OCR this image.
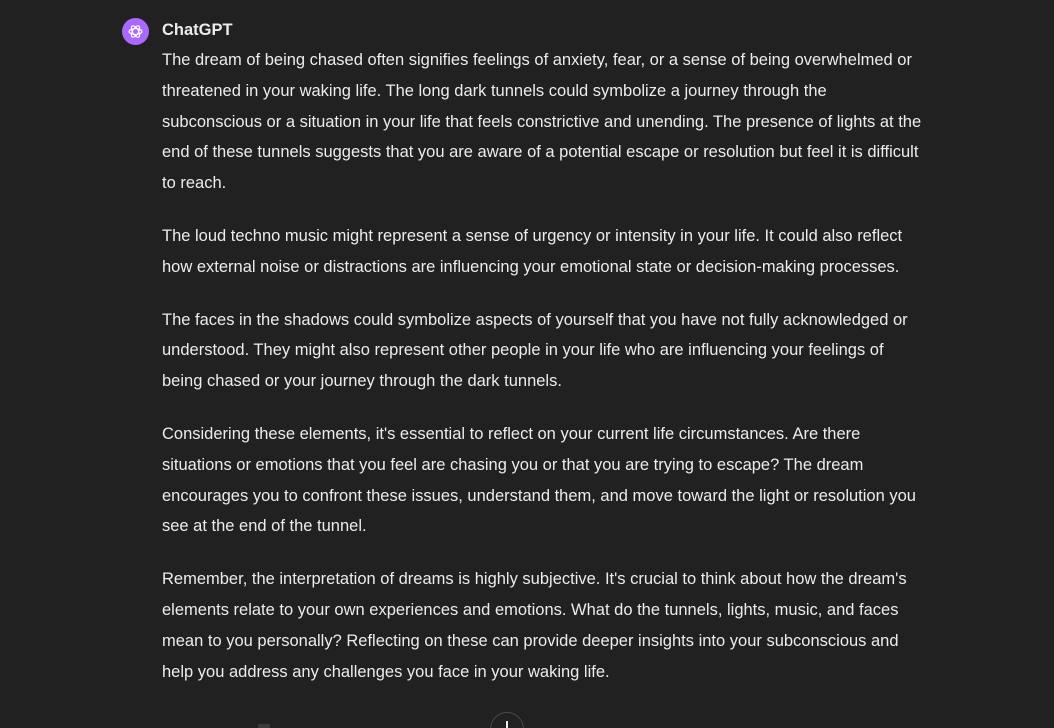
ChatGPT

The dream of being chased often signifies feelings of anxiety, fear, or a sense of being overwhelmed or threatened in your waking life. The long dark tunnels could symbolize a journey through the subconscious or a situation in your life that feels constrictive and unending. The presence of lights at the end of these tunnels suggests that you are aware of a potential escape or resolution but feel it is difficult to reach.

The loud techno music might represent a sense of urgency or intensity in your life. It could also reflect how external noise or distractions are influencing your emotional state or decision-making processes.

The faces in the shadows could symbolize aspects of yourself that you have not fully acknowledged or understood. They might also represent other people in your life who are influencing your feelings of being chased or your journey through the dark tunnels.

Considering these elements, it's essential to reflect on your current life circumstances. Are there situations or emotions that you feel are chasing you or that you are trying to escape? The dream encourages you to confront these issues, understand them, and move toward the light or resolution you see at the end of the tunnel.

Remember, the interpretation of dreams is highly subjective. It's crucial to think about how the dream's elements relate to your own experiences and emotions. What do the tunnels, lights, music, and faces mean to you personally? Reflecting on these can provide deeper insights into your subconscious and help you address any challenges you face in your waking life.
